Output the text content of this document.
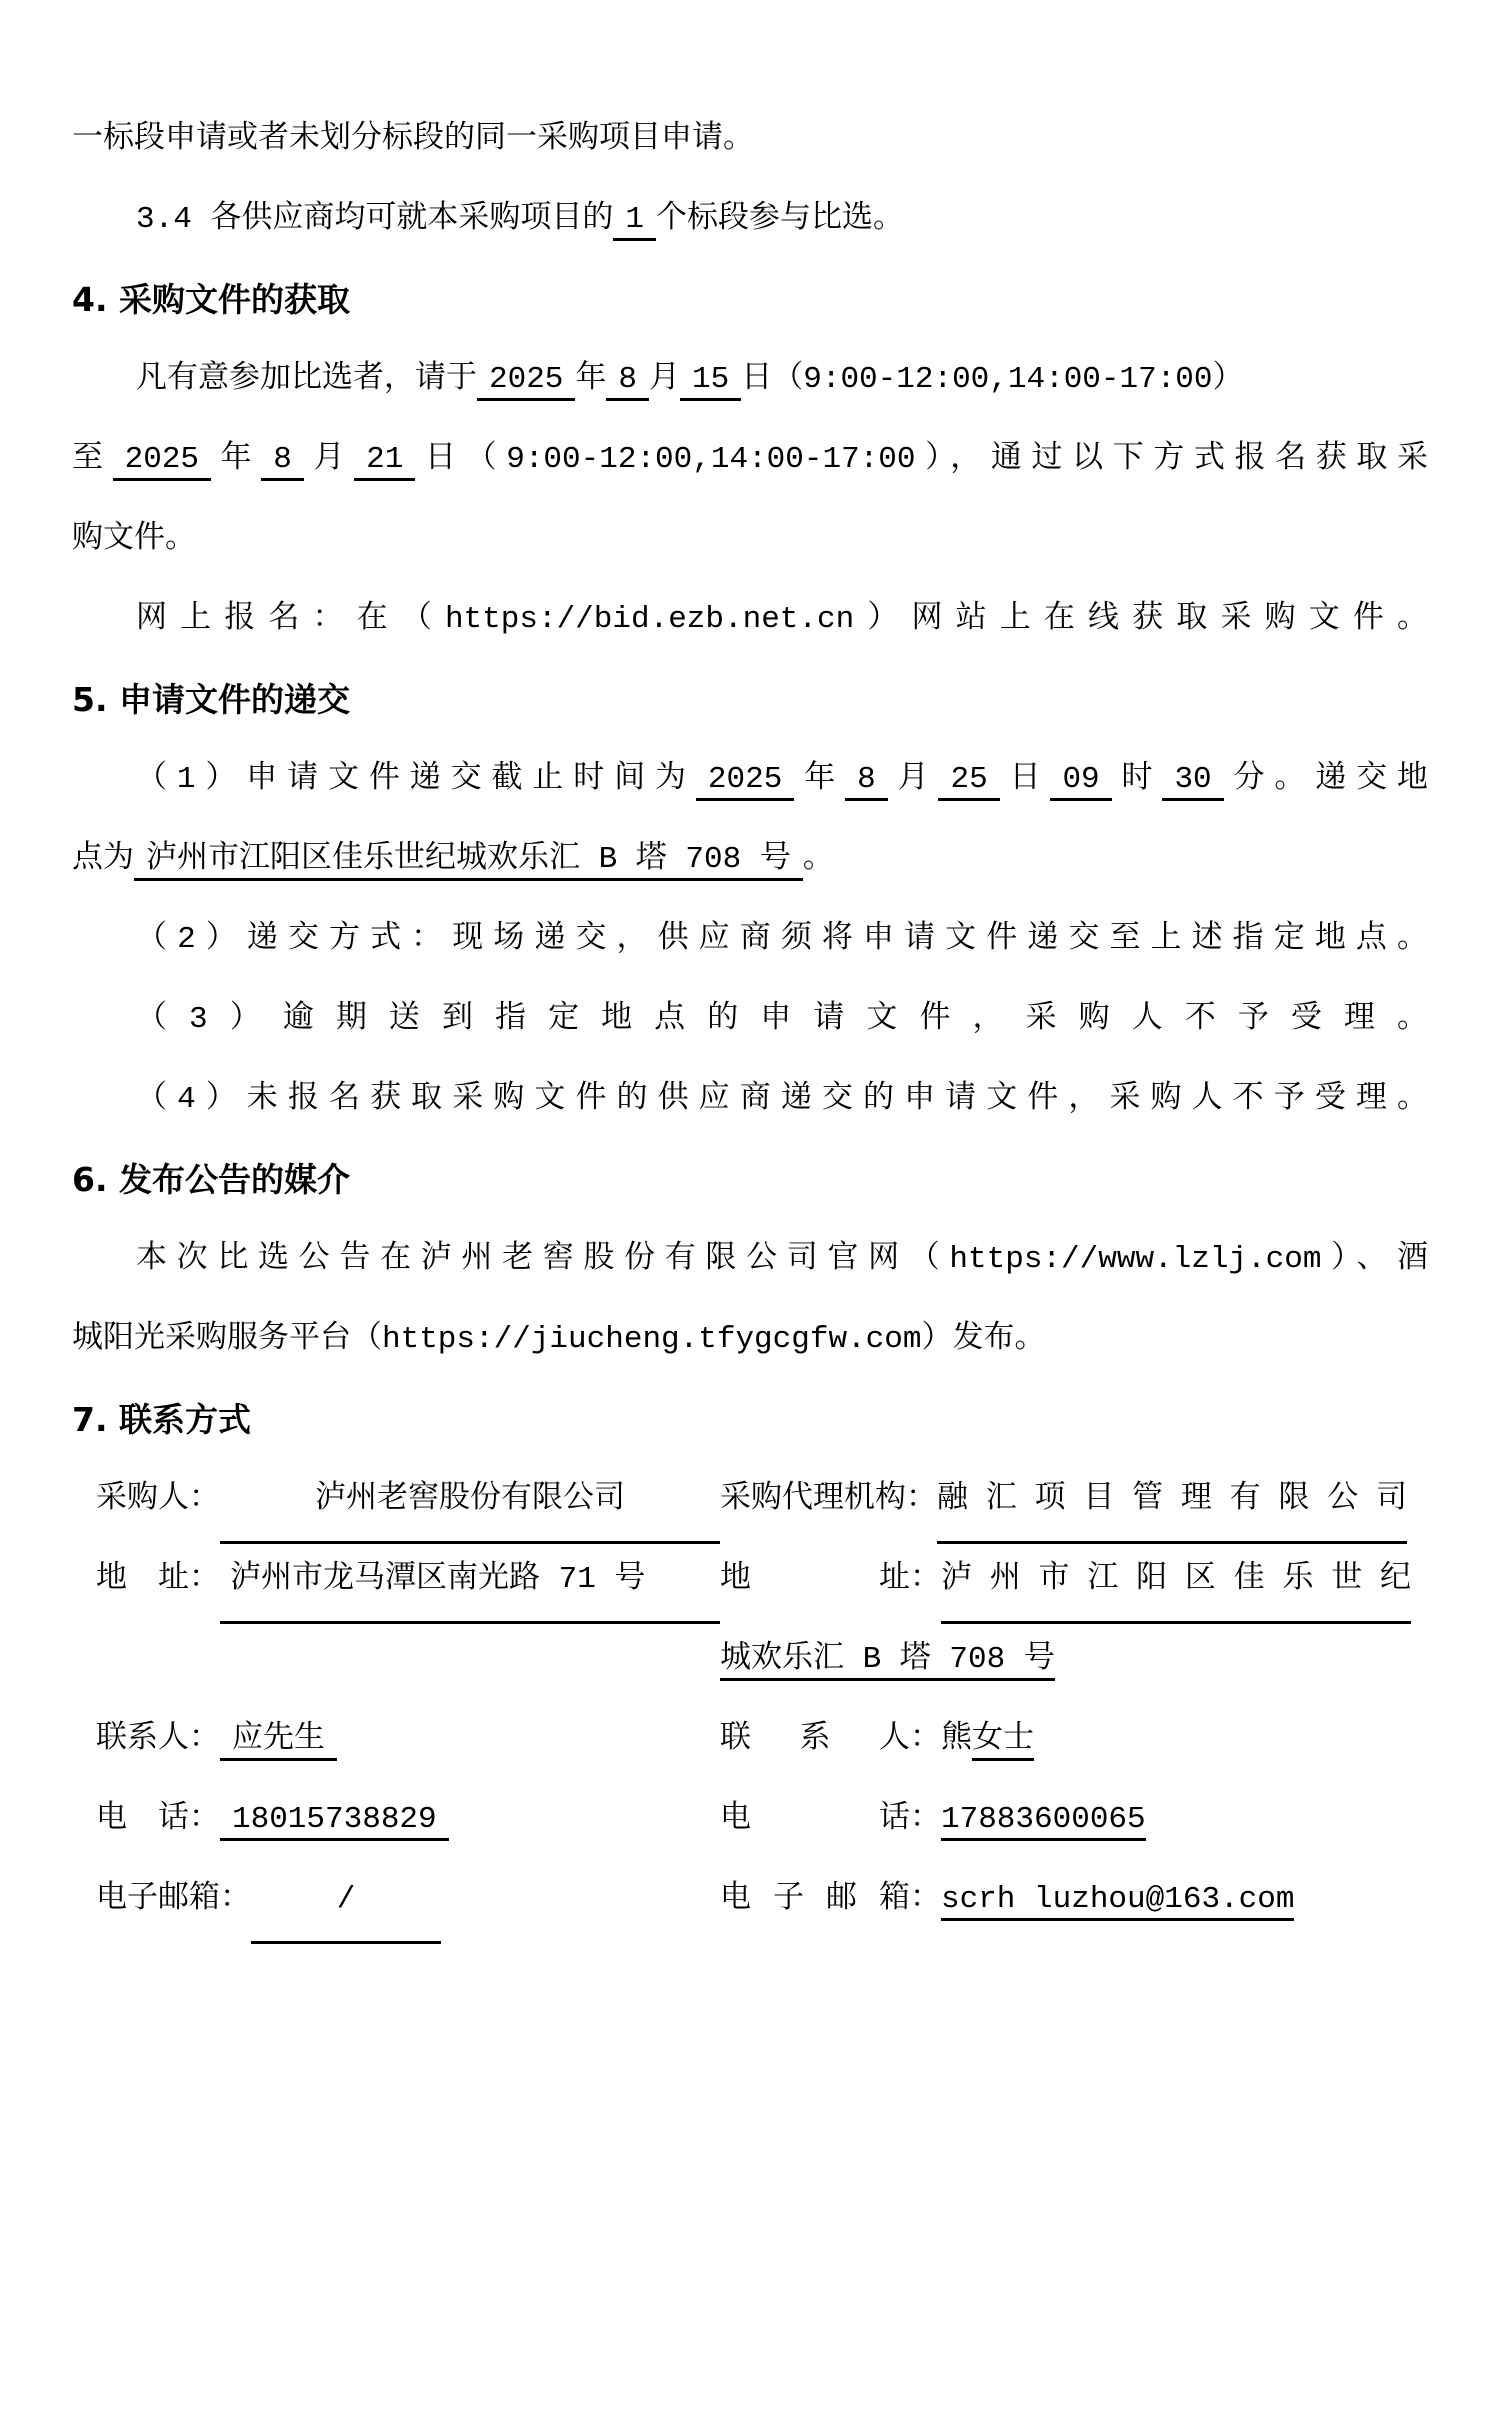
一标段申请或者未划分标段的同一采购项目申请。
3.4 各供应商均可就本采购项目的 1 个标段参与比选。
4. 采购文件的获取
凡有意参加比选者，请于 2025 年 8 月 15 日（9:00-12:00,14:00-17:00）
至 2025 年 8 月 21 日（9:00-12:00,14:00-17:00），通过以下方式报名获取采
购文件。
网上报名：在（https://bid.ezb.net.cn）网站上在线获取采购文件。
5. 申请文件的递交
（1）申请文件递交截止时间为 2025 年 8 月 25 日 09 时 30 分。递交地
点为 泸州市江阳区佳乐世纪城欢乐汇 B 塔 708 号 。
（2）递交方式：现场递交，供应商须将申请文件递交至上述指定地点。
（3）逾期送到指定地点的申请文件，采购人不予受理。
（4）未报名获取采购文件的供应商递交的申请文件，采购人不予受理。
6. 发布公告的媒介
本次比选公告在泸州老窖股份有限公司官网（https://www.lzlj.com）、酒
城阳光采购服务平台（https://jiucheng.tfygcgfw.com）发布。
7. 联系方式
采购人：	泸州老窖股份有限公司	采购代理机构：融汇项目管理有限公司
地　址： 泸州市龙马潭区南光路 71 号	地址：泸州市江阳区佳乐世纪
城欢乐汇 B 塔 708 号
联系人： 应先生	联系人：熊女士
电　话： 18015738829	电话：17883600065
电子邮箱：	/	电子邮箱：scrh luzhou@163.com
